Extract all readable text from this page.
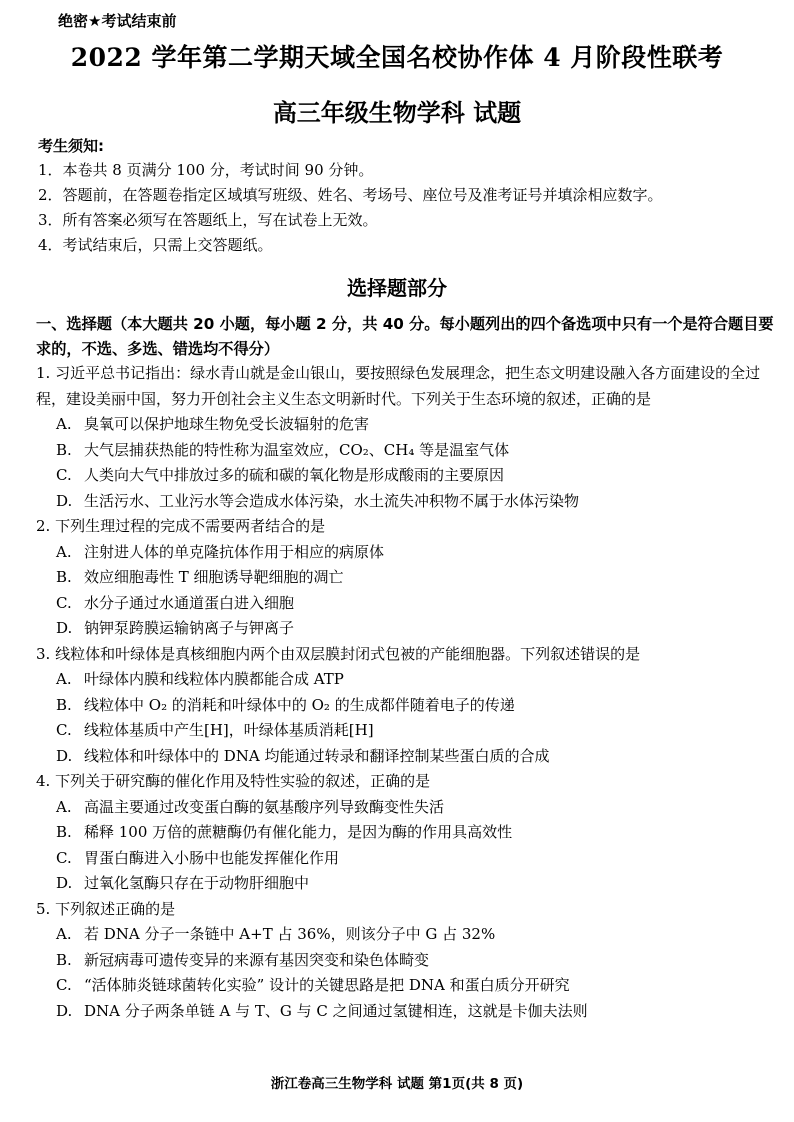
绝密★考试结束前
2022 学年第二学期天域全国名校协作体 4 月阶段性联考
高三年级生物学科 试题
考生须知:
1．本卷共 8 页满分 100 分，考试时间 90 分钟。
2．答题前，在答题卷指定区域填写班级、姓名、考场号、座位号及准考证号并填涂相应数字。
3．所有答案必须写在答题纸上，写在试卷上无效。
4．考试结束后，只需上交答题纸。
选择题部分
一、选择题（本大题共 20 小题，每小题 2 分，共 40 分。每小题列出的四个备选项中只有一个是符合题目要求的，不选、多选、错选均不得分）
1. 习近平总书记指出：绿水青山就是金山银山，要按照绿色发展理念，把生态文明建设融入各方面建设的全过程，建设美丽中国，努力开创社会主义生态文明新时代。下列关于生态环境的叙述，正确的是
A. 臭氧可以保护地球生物免受长波辐射的危害
B. 大气层捕获热能的特性称为温室效应，CO₂、CH₄ 等是温室气体
C. 人类向大气中排放过多的硫和碳的氧化物是形成酸雨的主要原因
D. 生活污水、工业污水等会造成水体污染，水土流失冲积物不属于水体污染物
2. 下列生理过程的完成不需要两者结合的是
A. 注射进人体的单克隆抗体作用于相应的病原体
B. 效应细胞毒性 T 细胞诱导靶细胞的凋亡
C. 水分子通过水通道蛋白进入细胞
D. 钠钾泵跨膜运输钠离子与钾离子
3. 线粒体和叶绿体是真核细胞内两个由双层膜封闭式包被的产能细胞器。下列叙述错误的是
A. 叶绿体内膜和线粒体内膜都能合成 ATP
B. 线粒体中 O₂ 的消耗和叶绿体中的 O₂ 的生成都伴随着电子的传递
C. 线粒体基质中产生[H]，叶绿体基质消耗[H]
D. 线粒体和叶绿体中的 DNA 均能通过转录和翻译控制某些蛋白质的合成
4. 下列关于研究酶的催化作用及特性实验的叙述，正确的是
A. 高温主要通过改变蛋白酶的氨基酸序列导致酶变性失活
B. 稀释 100 万倍的蔗糖酶仍有催化能力，是因为酶的作用具高效性
C. 胃蛋白酶进入小肠中也能发挥催化作用
D. 过氧化氢酶只存在于动物肝细胞中
5. 下列叙述正确的是
A. 若 DNA 分子一条链中 A+T 占 36%，则该分子中 G 占 32%
B. 新冠病毒可遗传变异的来源有基因突变和染色体畸变
C. “活体肺炎链球菌转化实验” 设计的关键思路是把 DNA 和蛋白质分开研究
D. DNA 分子两条单链 A 与 T、G 与 C 之间通过氢键相连，这就是卡伽夫法则
浙江卷高三生物学科 试题 第1页(共 8 页)
